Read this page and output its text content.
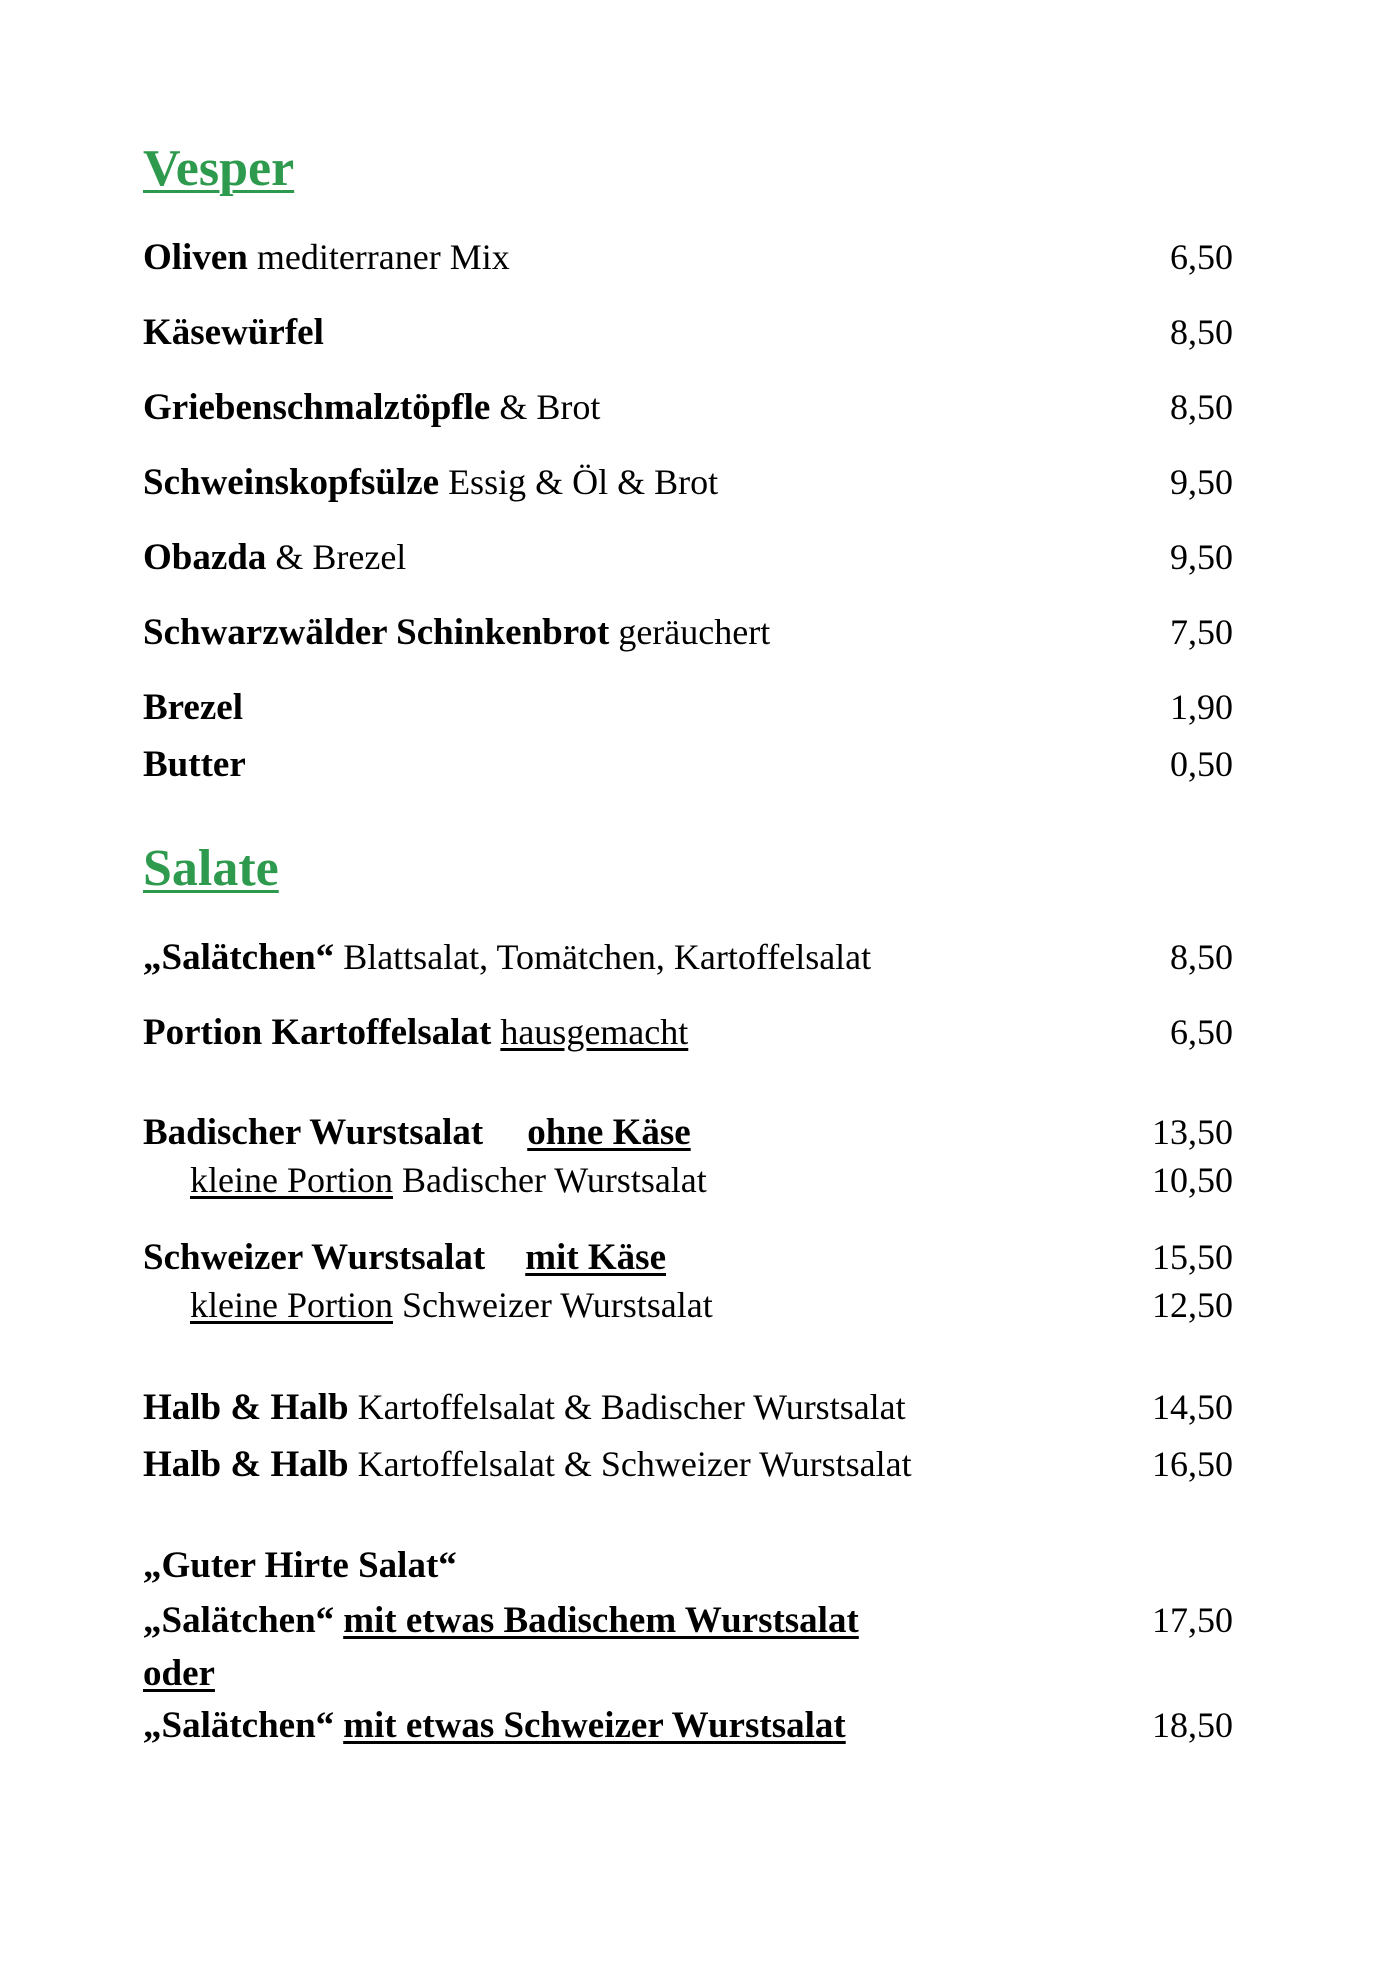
Vesper
Oliven mediterraner Mix	6,50
Käsewürfel	8,50
Griebenschmalztöpfle & Brot	8,50
Schweinskopfsülze Essig & Öl & Brot	9,50
Obazda & Brezel	9,50
Schwarzwälder Schinkenbrot geräuchert	7,50
Brezel	1,90
Butter	0,50
Salate
„Salätchen“ Blattsalat, Tomätchen, Kartoffelsalat	8,50
Portion Kartoffelsalat hausgemacht	6,50
Badischer Wurstsalat ohne Käse	13,50
kleine Portion Badischer Wurstsalat	10,50
Schweizer Wurstsalat mit Käse	15,50
kleine Portion Schweizer Wurstsalat	12,50
Halb & Halb Kartoffelsalat & Badischer Wurstsalat	14,50
Halb & Halb Kartoffelsalat & Schweizer Wurstsalat	16,50
„Guter Hirte Salat“
„Salätchen“ mit etwas Badischem Wurstsalat	17,50
oder
„Salätchen“ mit etwas Schweizer Wurstsalat	18,50
